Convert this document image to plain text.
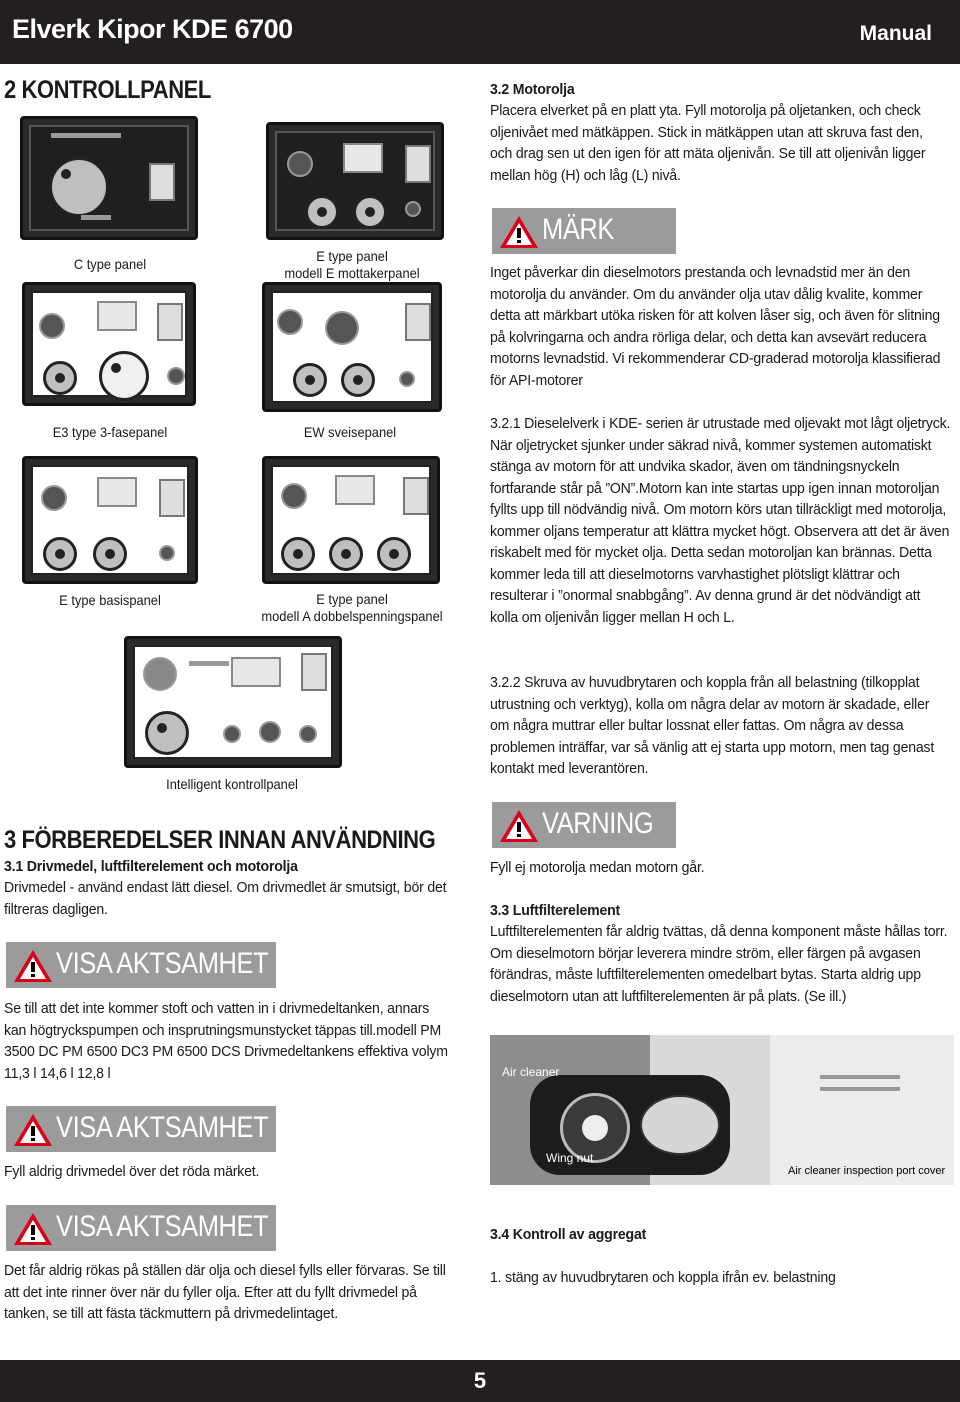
Elverk Kipor KDE 6700	Manual
2 KONTROLLPANEL
C type panel	E type panel
modell E mottakerpanel
E3 type 3-fasepanel	EW sveisepanel
E type basispanel	E type panel
modell A dobbelspenningspanel
Intelligent kontrollpanel
3 FÖRBEREDELSER INNAN ANVÄNDNING
3.1 Drivmedel, luftfilterelement och motorolja
Drivmedel - använd endast lätt diesel. Om drivmedlet är smutsigt, bör det filtreras dagligen.
VISA AKTSAMHET
Se till att det inte kommer stoft och vatten in i drivmedeltanken, annars kan högtryckspumpen och insprutningsmunstycket täppas till.modell PM 3500 DC PM 6500 DC3 PM 6500 DCS Drivmedeltankens effektiva volym 11,3 l 14,6 l 12,8 l
VISA AKTSAMHET
Fyll aldrig drivmedel över det röda märket.
VISA AKTSAMHET
Det får aldrig rökas på ställen där olja och diesel fylls eller förvaras. Se till att det inte rinner över när du fyller olja. Efter att du fyllt drivmedel på tanken, se till att fästa täckmuttern på drivmedelintaget.
3.2 Motorolja
Placera elverket på en platt yta. Fyll motorolja på oljetanken, och check oljenivået med mätkäppen. Stick in mätkäppen utan att skruva fast den, och drag sen ut den igen för att mäta oljenivån. Se till att oljenivån ligger mellan hög (H) och låg (L) nivå.
MÄRK
Inget påverkar din dieselmotors prestanda och levnadstid mer än den motorolja du använder. Om du använder olja utav dålig kvalite, kommer detta att märkbart utöka risken för att kolven låser sig, och även för slitning på kolvringarna och andra rörliga delar, och detta kan avsevärt reducera motorns levnadstid. Vi rekommenderar CD-graderad motorolja klassifierad för API-motorer
3.2.1 Dieselelverk i KDE- serien är utrustade med oljevakt mot lågt oljetryck. När oljetrycket sjunker under säkrad nivå, kommer systemen automatiskt stänga av motorn för att undvika skador, även om tändningsnyckeln fortfarande står på ”ON”.Motorn kan inte startas upp igen innan motoroljan fyllts upp till nödvändig nivå. Om motorn körs utan tillräckligt med motorolja, kommer oljans temperatur att klättra mycket högt. Observera att det är även riskabelt med för mycket olja. Detta sedan motoroljan kan brännas. Detta kommer leda till att dieselmotorns varvhastighet plötsligt klättrar och resulterar i ”onormal snabbgång”. Av denna grund är det nödvändigt att kolla om oljenivån ligger mellan H och L.
3.2.2 Skruva av huvudbrytaren och koppla från all belastning (tilkopplat utrustning och verktyg), kolla om några delar av motorn är skadade, eller om några muttrar eller bultar lossnat eller fattas. Om några av dessa problemen inträffar, var så vänlig att ej starta upp motorn, men tag genast kontakt med leverantören.
VARNING
Fyll ej motorolja medan motorn går.
3.3 Luftfilterelement
Luftfilterelementen får aldrig tvättas, då denna komponent måste hållas torr. Om dieselmotorn börjar leverera mindre ström, eller färgen på avgasen förändras, måste luftfilterelementen omedelbart bytas. Starta aldrig upp dieselmotorn utan att luftfilterelementen är på plats. (Se ill.)
Air cleaner
Wing nut
Air cleaner inspection port cover
3.4 Kontroll av aggregat
1. stäng av huvudbrytaren och koppla ifrån ev. belastning
5
